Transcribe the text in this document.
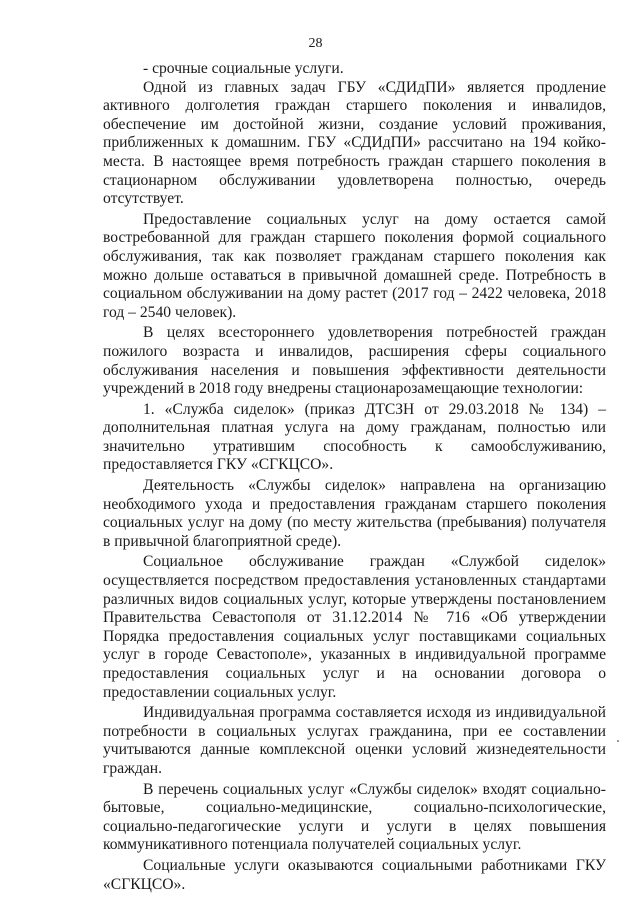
28

- срочные социальные услуги.

Одной из главных задач ГБУ «СДИдПИ» является продление активного долголетия граждан старшего поколения и инвалидов, обеспечение им достойной жизни, создание условий проживания, приближенных к домашним. ГБУ «СДИдПИ» рассчитано на 194 койко-места. В настоящее время потребность граждан старшего поколения в стационарном обслуживании удовлетворена полностью, очередь отсутствует.

Предоставление социальных услуг на дому остается самой востребованной для граждан старшего поколения формой социального обслуживания, так как позволяет гражданам старшего поколения как можно дольше оставаться в привычной домашней среде. Потребность в социальном обслуживании на дому растет (2017 год – 2422 человека, 2018 год – 2540 человек).

В целях всестороннего удовлетворения потребностей граждан пожилого возраста и инвалидов, расширения сферы социального обслуживания населения и повышения эффективности деятельности учреждений в 2018 году внедрены стационарозамещающие технологии:

1. «Служба сиделок» (приказ ДТСЗН от 29.03.2018 № 134) – дополнительная платная услуга на дому гражданам, полностью или значительно утратившим способность к самообслуживанию, предоставляется ГКУ «СГКЦСО».

Деятельность «Службы сиделок» направлена на организацию необходимого ухода и предоставления гражданам старшего поколения социальных услуг на дому (по месту жительства (пребывания) получателя в привычной благоприятной среде).

Социальное обслуживание граждан «Службой сиделок» осуществляется посредством предоставления установленных стандартами различных видов социальных услуг, которые утверждены постановлением Правительства Севастополя от 31.12.2014 № 716 «Об утверждении Порядка предоставления социальных услуг поставщиками социальных услуг в городе Севастополе», указанных в индивидуальной программе предоставления социальных услуг и на основании договора о предоставлении социальных услуг.

Индивидуальная программа составляется исходя из индивидуальной потребности в социальных услугах гражданина, при ее составлении учитываются данные комплексной оценки условий жизнедеятельности граждан.

В перечень социальных услуг «Службы сиделок» входят социально-бытовые, социально-медицинские, социально-психологические, социально-педагогические услуги и услуги в целях повышения коммуникативного потенциала получателей социальных услуг.

Социальные услуги оказываются социальными работниками ГКУ «СГКЦСО».
